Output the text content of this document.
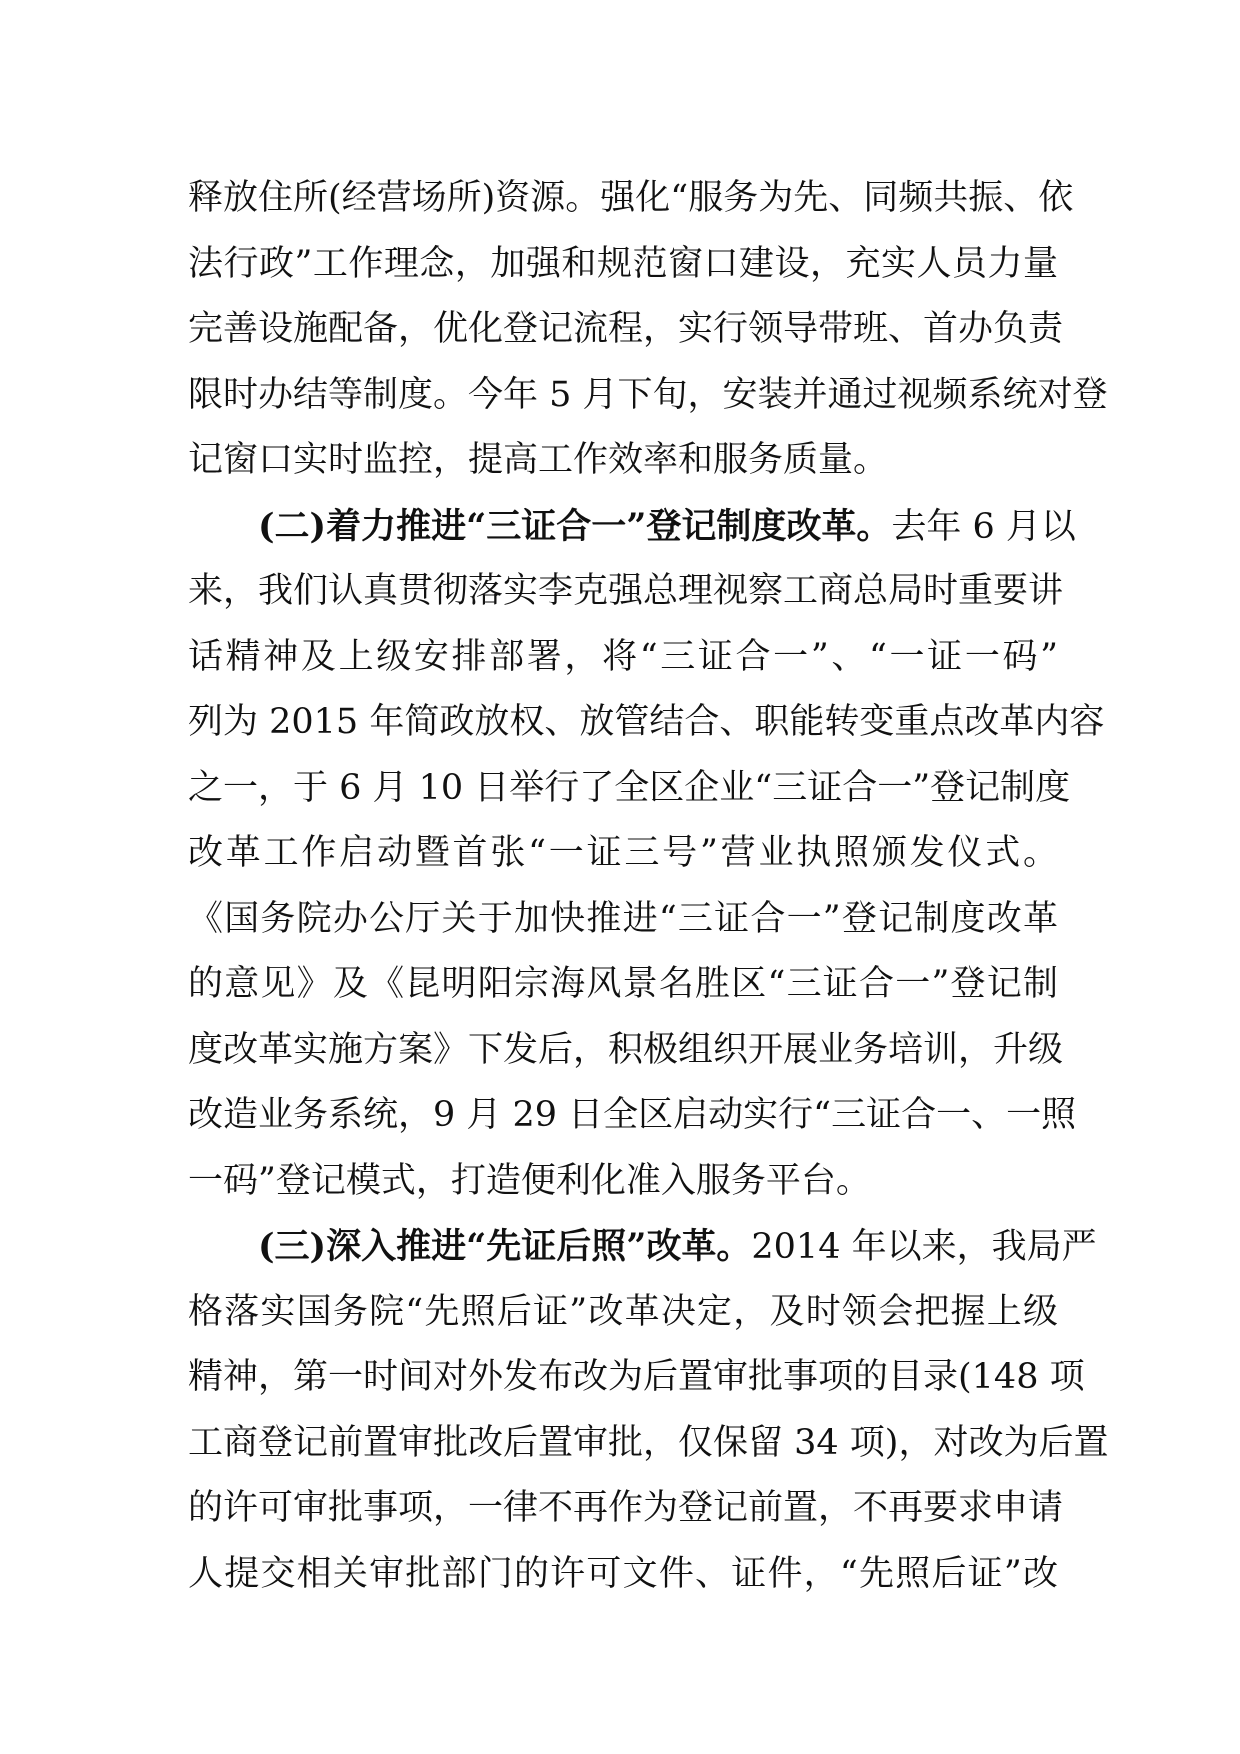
释放住所(经营场所)资源。强化“服务为先、同频共振、依
法行政”工作理念，加强和规范窗口建设，充实人员力量
完善设施配备，优化登记流程，实行领导带班、首办负责
限时办结等制度。今年 5 月下旬，安装并通过视频系统对登
记窗口实时监控，提高工作效率和服务质量。
(二)着力推进“三证合一”登记制度改革。去年 6 月以
来，我们认真贯彻落实李克强总理视察工商总局时重要讲
话精神及上级安排部署，将“三证合一”、“一证一码”
列为 2015 年简政放权、放管结合、职能转变重点改革内容
之一，于 6 月 10 日举行了全区企业“三证合一”登记制度
改革工作启动暨首张“一证三号”营业执照颁发仪式。
《国务院办公厅关于加快推进“三证合一”登记制度改革
的意见》及《昆明阳宗海风景名胜区“三证合一”登记制
度改革实施方案》下发后，积极组织开展业务培训，升级
改造业务系统，9 月 29 日全区启动实行“三证合一、一照
一码”登记模式，打造便利化准入服务平台。
(三)深入推进“先证后照”改革。2014 年以来，我局严
格落实国务院“先照后证”改革决定，及时领会把握上级
精神，第一时间对外发布改为后置审批事项的目录(148 项
工商登记前置审批改后置审批，仅保留 34 项)，对改为后置
的许可审批事项，一律不再作为登记前置，不再要求申请
人提交相关审批部门的许可文件、证件，“先照后证”改
